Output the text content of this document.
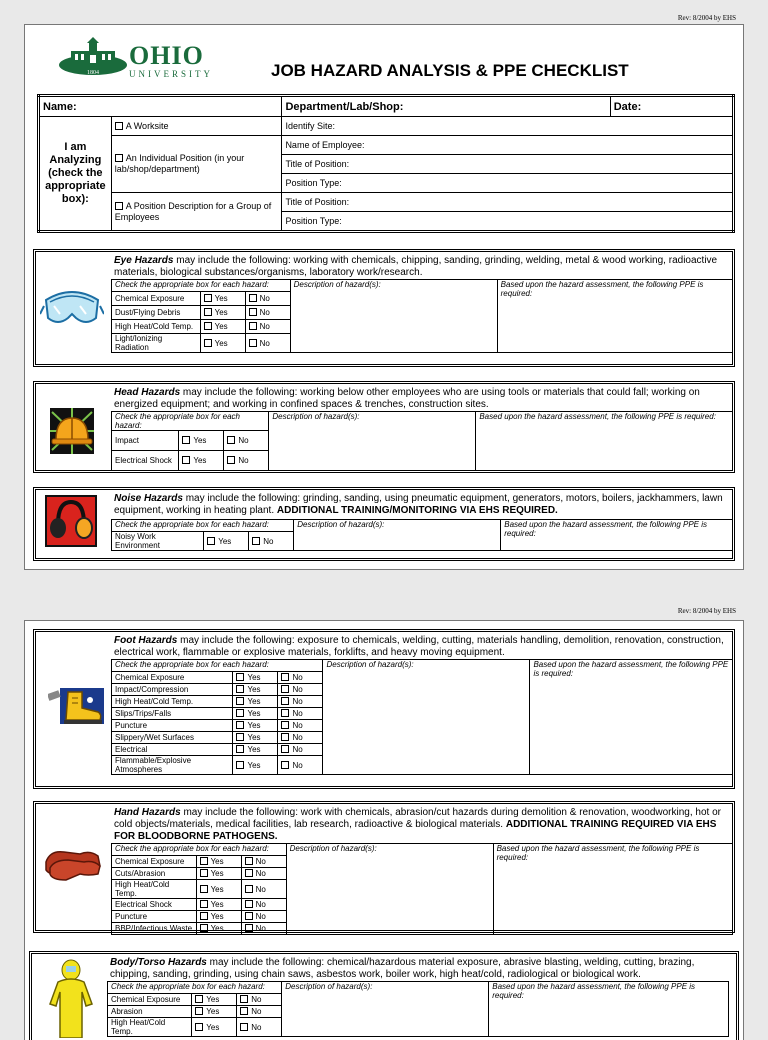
Rev: 8/2004 by EHS
1804
OHIO
UNIVERSITY	JOB HAZARD ANALYSIS & PPE CHECKLIST
Name:		Department/Lab/Shop:	Date:
I am Analyzing (check the appropriate box):	A Worksite	Identify Site:	
	An Individual Position (in your lab/shop/department)	Name of Employee:	
		Title of Position:	
		Position Type:	
	A Position Description for a Group of Employees	Title of Position:	
		Position Type:	
Eye Hazards may include the following: working with chemicals, chipping, sanding, grinding, welding, metal & wood working, radioactive materials, biological substances/organisms, laboratory work/research.
Check the appropriate box for each hazard:			Description of hazard(s):	Based upon the hazard assessment, the following PPE is required:
Chemical Exposure	Yes	No		
Dust/Flying Debris	Yes	No		
High Heat/Cold Temp.	Yes	No		
Light/Ionizing Radiation	Yes	No		
Head Hazards may include the following: working below other employees who are using tools or materials that could fall; working on energized equipment; and working in confined spaces & trenches, construction sites.
Check the appropriate box for each hazard:			Description of hazard(s):	Based upon the hazard assessment, the following PPE is required:
Impact	Yes	No		
Electrical Shock	Yes	No		
Noise Hazards may include the following: grinding, sanding, using pneumatic equipment, generators, motors, boilers, jackhammers, lawn equipment, working in heating plant. ADDITIONAL TRAINING/MONITORING VIA EHS REQUIRED.
Check the appropriate box for each hazard:			Description of hazard(s):	Based upon the hazard assessment, the following PPE is required:
Noisy Work Environment	Yes	No		
Rev: 8/2004 by EHS
Foot Hazards may include the following: exposure to chemicals, welding, cutting, materials handling, demolition, renovation, construction, electrical work, flammable or explosive materials, forklifts, and heavy moving equipment.
Check the appropriate box for each hazard:			Description of hazard(s):	Based upon the hazard assessment, the following PPE is required:
Chemical Exposure	Yes	No		
Impact/Compression	Yes	No		
High Heat/Cold Temp.	Yes	No		
Slips/Trips/Falls	Yes	No		
Puncture	Yes	No		
Slippery/Wet Surfaces	Yes	No		
Electrical	Yes	No		
Flammable/Explosive Atmospheres	Yes	No		
Hand Hazards may include the following: work with chemicals, abrasion/cut hazards during demolition & renovation, woodworking, hot or cold objects/materials, medical facilities, lab research, radioactive & biological materials. ADDITIONAL TRAINING REQUIRED VIA EHS FOR BLOODBORNE PATHOGENS.
Check the appropriate box for each hazard:			Description of hazard(s):	Based upon the hazard assessment, the following PPE is required:
Chemical Exposure	Yes	No		
Cuts/Abrasion	Yes	No		
High Heat/Cold Temp.	Yes	No		
Electrical Shock	Yes	No		
Puncture	Yes	No		
BBP/Infectious Waste	Yes	No		
Body/Torso Hazards may include the following: chemical/hazardous material exposure, abrasive blasting, welding, cutting, brazing, chipping, sanding, grinding, using chain saws, asbestos work, boiler work, high heat/cold, radiological or biological work.
Check the appropriate box for each hazard:			Description of hazard(s):	Based upon the hazard assessment, the following PPE is required:
Chemical Exposure	Yes	No		
Abrasion	Yes	No		
High Heat/Cold Temp.	Yes	No		
